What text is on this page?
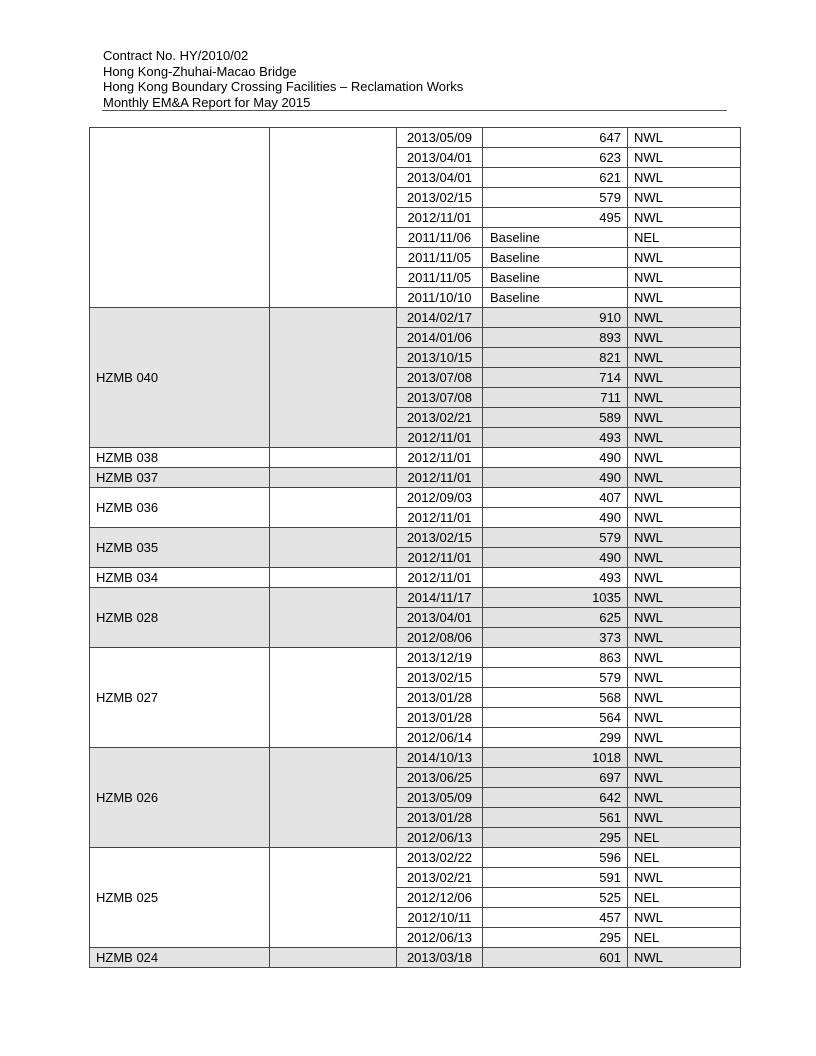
Contract No. HY/2010/02
Hong Kong-Zhuhai-Macao Bridge
Hong Kong Boundary Crossing Facilities – Reclamation Works
Monthly EM&A Report for May 2015
		2013/05/09	647	NWL
		2013/04/01	623	NWL
		2013/04/01	621	NWL
		2013/02/15	579	NWL
		2012/11/01	495	NWL
		2011/11/06	Baseline	NEL
		2011/11/05	Baseline	NWL
		2011/11/05	Baseline	NWL
		2011/10/10	Baseline	NWL
HZMB 040		2014/02/17	910	NWL
		2014/01/06	893	NWL
		2013/10/15	821	NWL
		2013/07/08	714	NWL
		2013/07/08	711	NWL
		2013/02/21	589	NWL
		2012/11/01	493	NWL
HZMB 038		2012/11/01	490	NWL
HZMB 037		2012/11/01	490	NWL
HZMB 036		2012/09/03	407	NWL
		2012/11/01	490	NWL
HZMB 035		2013/02/15	579	NWL
		2012/11/01	490	NWL
HZMB 034		2012/11/01	493	NWL
HZMB 028		2014/11/17	1035	NWL
		2013/04/01	625	NWL
		2012/08/06	373	NWL
HZMB 027		2013/12/19	863	NWL
		2013/02/15	579	NWL
		2013/01/28	568	NWL
		2013/01/28	564	NWL
		2012/06/14	299	NWL
HZMB 026		2014/10/13	1018	NWL
		2013/06/25	697	NWL
		2013/05/09	642	NWL
		2013/01/28	561	NWL
		2012/06/13	295	NEL
HZMB 025		2013/02/22	596	NEL
		2013/02/21	591	NWL
		2012/12/06	525	NEL
		2012/10/11	457	NWL
		2012/06/13	295	NEL
HZMB 024		2013/03/18	601	NWL
